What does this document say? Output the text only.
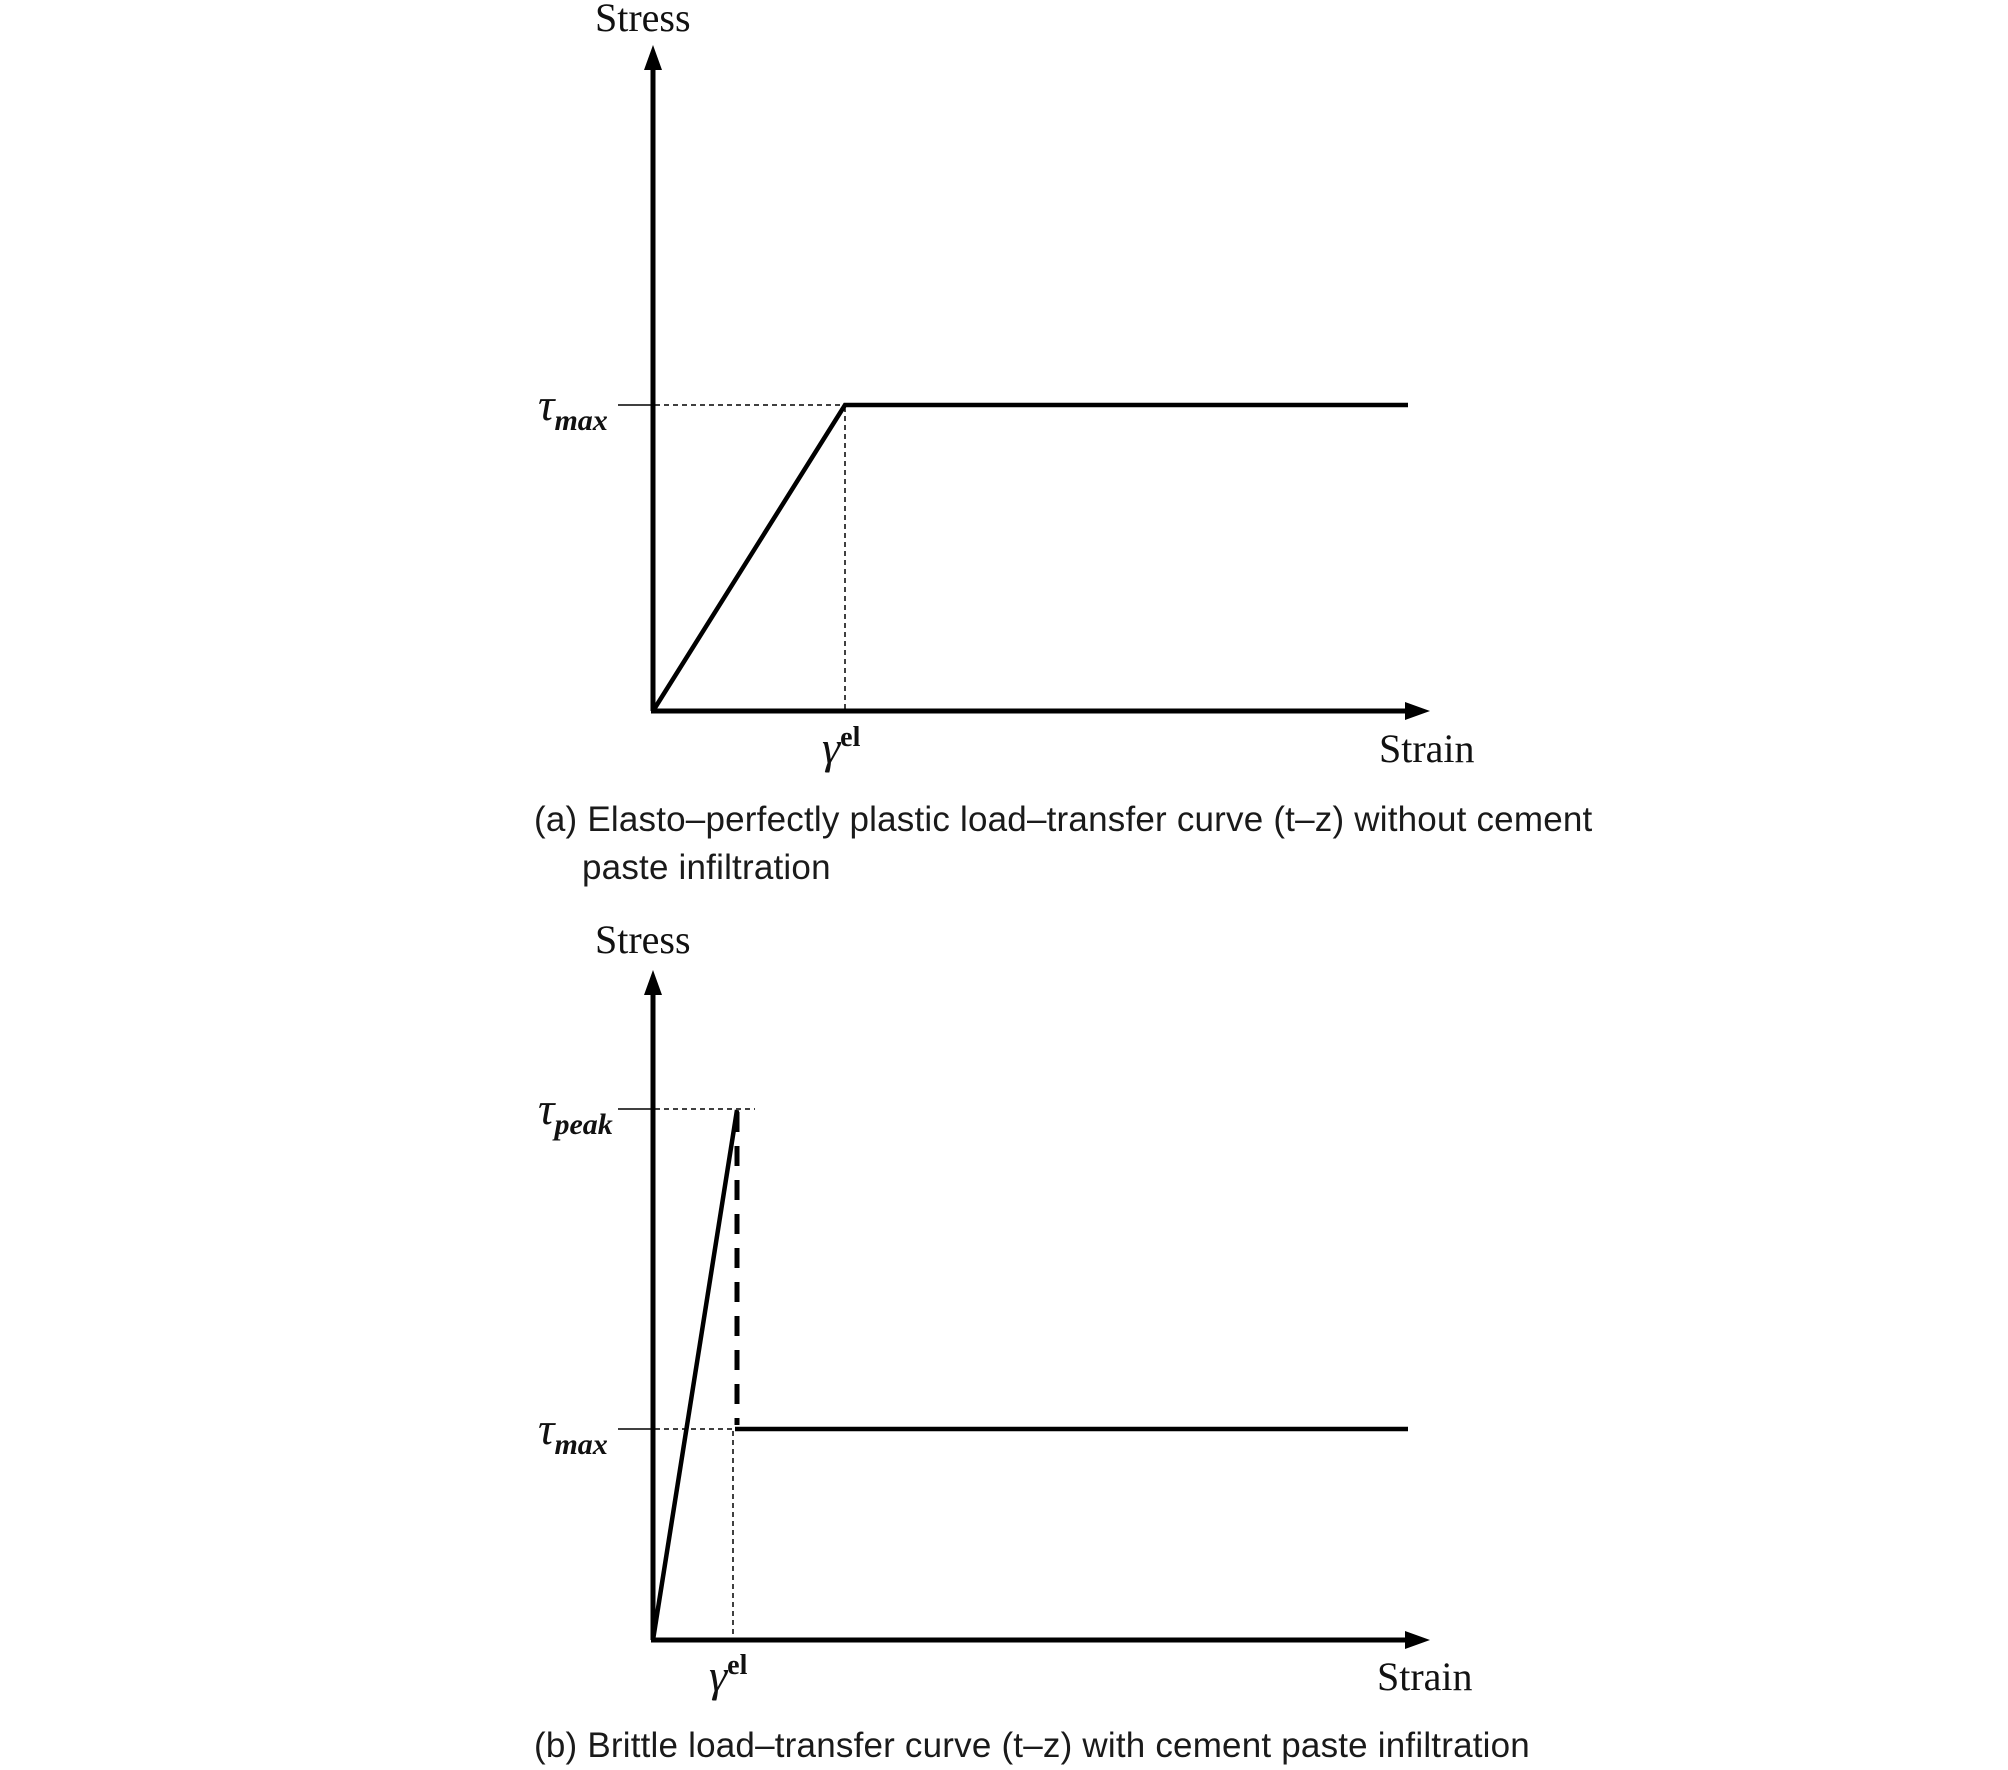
Stress
$\tau_{max}$
$\gamma^{el}$	Strain
Stress
$\tau_{peak}$
$\tau_{max}$
$\gamma^{el}$	Strain
(a) Elasto–perfectly plastic load–transfer curve (t–z) without cement
paste infiltration
(b) Brittle load–transfer curve (t–z) with cement paste infiltration
